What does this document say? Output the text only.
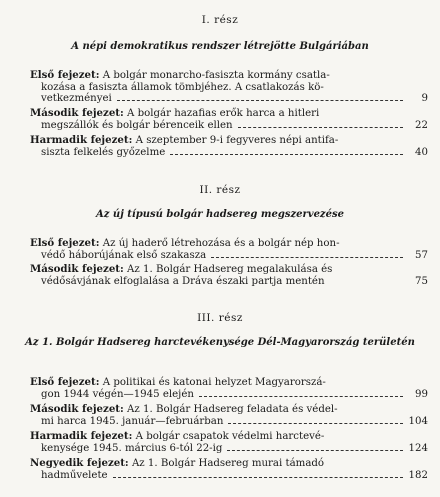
I. rész
A népi demokratikus rendszer létrejötte Bulgáriában
Első fejezet: A bolgár monarcho-fasiszta kormány csatla-
kozása a fasiszta államok tömbjéhez. A csatlakozás kö-
vetkezményei	9
Második fejezet: A bolgár hazafias erők harca a hitleri
megszállók és bolgár bérenceik ellen	22
Harmadik fejezet: A szeptember 9-i fegyveres népi antifa-
siszta felkelés győzelme	40
II. rész
Az új típusú bolgár hadsereg megszervezése
Első fejezet: Az új haderő létrehozása és a bolgár nép hon-
védő háborújának első szakasza	57
Második fejezet: Az 1. Bolgár Hadsereg megalakulása és
védősávjának elfoglalása a Dráva északi partja mentén	75
III. rész
Az 1. Bolgár Hadsereg harctevékenysége Dél-Magyarország területén
Első fejezet: A politikai és katonai helyzet Magyarorszá-
gon 1944 végén—1945 elején	99
Második fejezet: Az 1. Bolgár Hadsereg feladata és védel-
mi harca 1945. január—februárban	104
Harmadik fejezet: A bolgár csapatok védelmi harctevé-
kenysége 1945. március 6-tól 22-ig	124
Negyedik fejezet: Az 1. Bolgár Hadsereg murai támadó
hadművelete	182
